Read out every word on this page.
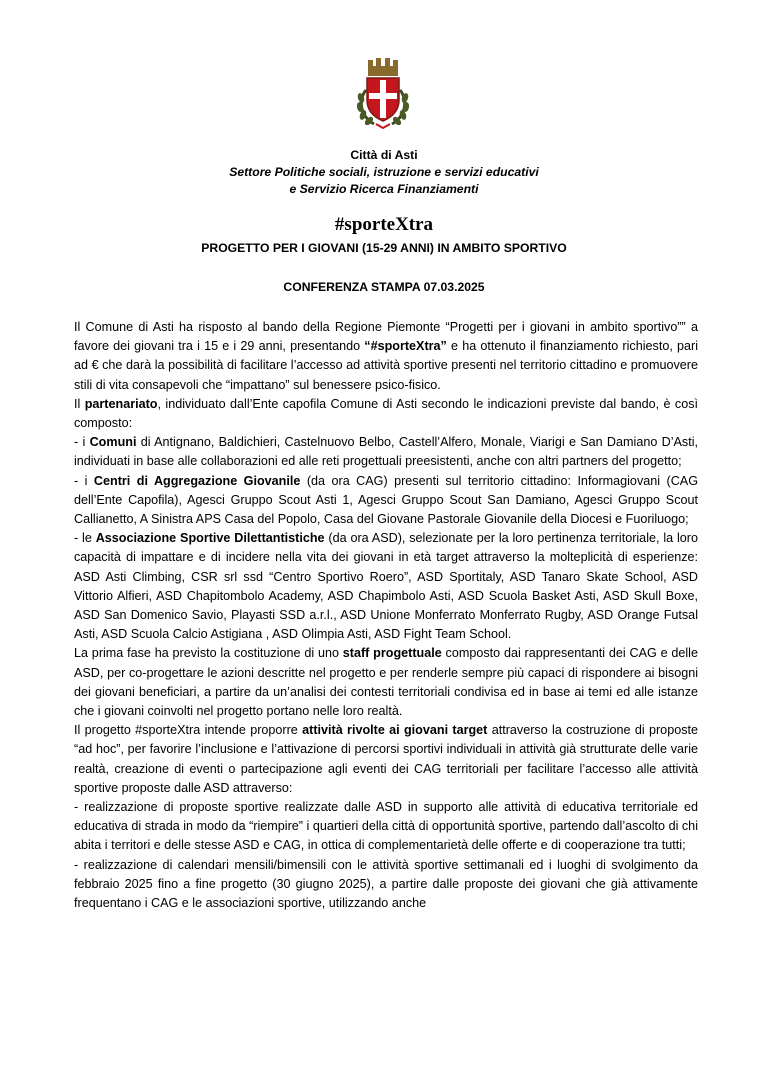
Città di Asti
Settore Politiche sociali, istruzione e servizi educativi
e Servizio Ricerca Finanziamenti
#sporteXtra
PROGETTO PER I GIOVANI (15-29 ANNI) IN AMBITO SPORTIVO
CONFERENZA STAMPA 07.03.2025

Il Comune di Asti ha risposto al bando della Regione Piemonte “Progetti per i giovani in ambito sportivo”” a favore dei giovani tra i 15 e i 29 anni, presentando “#sporteXtra” e ha ottenuto il finanziamento richiesto, pari ad € che darà la possibilità di facilitare l’accesso ad attività sportive presenti nel territorio cittadino e promuovere stili di vita consapevoli che “impattano” sul benessere psico-fisico.

Il partenariato, individuato dall’Ente capofila Comune di Asti secondo le indicazioni previste dal bando, è così composto:

- i Comuni di Antignano, Baldichieri, Castelnuovo Belbo, Castell’Alfero, Monale, Viarigi e San Damiano D’Asti, individuati in base alle collaborazioni ed alle reti progettuali preesistenti, anche con altri partners del progetto;

- i Centri di Aggregazione Giovanile (da ora CAG) presenti sul territorio cittadino: Informagiovani (CAG dell’Ente Capofila), Agesci Gruppo Scout Asti 1, Agesci Gruppo Scout San Damiano, Agesci Gruppo Scout Callianetto, A Sinistra APS Casa del Popolo, Casa del Giovane Pastorale Giovanile della Diocesi e Fuoriluogo;

- le Associazione Sportive Dilettantistiche (da ora ASD), selezionate per la loro pertinenza territoriale, la loro capacità di impattare e di incidere nella vita dei giovani in età target attraverso la molteplicità di esperienze: ASD Asti Climbing, CSR srl ssd “Centro Sportivo Roero”, ASD Sportitaly, ASD Tanaro Skate School, ASD Vittorio Alfieri, ASD Chapitombolo Academy, ASD Chapimbolo Asti, ASD Scuola Basket Asti, ASD Skull Boxe, ASD San Domenico Savio, Playasti SSD a.r.l., ASD Unione Monferrato Monferrato Rugby, ASD Orange Futsal Asti, ASD Scuola Calcio Astigiana , ASD Olimpia Asti, ASD Fight Team School.

La prima fase ha previsto la costituzione di uno staff progettuale composto dai rappresentanti dei CAG e delle ASD, per co-progettare le azioni descritte nel progetto e per renderle sempre più capaci di rispondere ai bisogni dei giovani beneficiari, a partire da un’analisi dei contesti territoriali condivisa ed in base ai temi ed alle istanze che i giovani coinvolti nel progetto portano nelle loro realtà.

Il progetto #sporteXtra intende proporre attività rivolte ai giovani target attraverso la costruzione di proposte “ad hoc”, per favorire l’inclusione e l’attivazione di percorsi sportivi individuali in attività già strutturate delle varie realtà, creazione di eventi o partecipazione agli eventi dei CAG territoriali per facilitare l’accesso alle attività sportive proposte dalle ASD attraverso:

- realizzazione di proposte sportive realizzate dalle ASD in supporto alle attività di educativa territoriale ed educativa di strada in modo da “riempire” i quartieri della città di opportunità sportive, partendo dall’ascolto di chi abita i territori e delle stesse ASD e CAG, in ottica di complementarietà delle offerte e di cooperazione tra tutti;

- realizzazione di calendari mensili/bimensili con le attività sportive settimanali ed i luoghi di svolgimento da febbraio 2025 fino a fine progetto (30 giugno 2025), a partire dalle proposte dei giovani che già attivamente frequentano i CAG e le associazioni sportive, utilizzando anche
